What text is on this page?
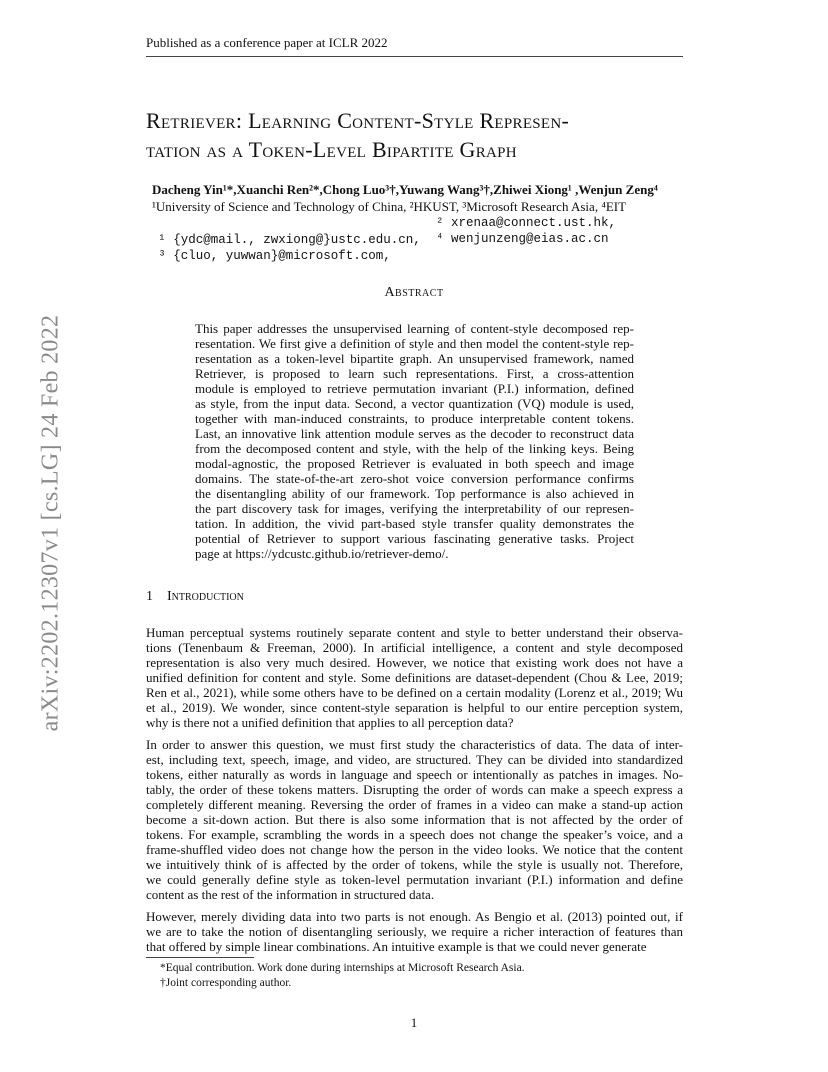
Published as a conference paper at ICLR 2022
arXiv:2202.12307v1 [cs.LG] 24 Feb 2022
Retriever: Learning Content-Style Represen-
tation as a Token-Level Bipartite Graph
Dacheng Yin¹*,Xuanchi Ren²*,Chong Luo³†,Yuwang Wang³†,Zhiwei Xiong¹ ,Wenjun Zeng⁴
¹University of Science and Technology of China, ²HKUST, ³Microsoft Research Asia, ⁴EIT

¹ {ydc@mail., zwxiong@}ustc.edu.cn,

² xrenaa@connect.ust.hk,

³ {cluo, yuwwan}@microsoft.com,

⁴ wenjunzeng@eias.ac.cn

Abstract
This paper addresses the unsupervised learning of content-style decomposed rep-
resentation. We first give a definition of style and then model the content-style rep-
resentation as a token-level bipartite graph. An unsupervised framework, named
Retriever, is proposed to learn such representations. First, a cross-attention
module is employed to retrieve permutation invariant (P.I.) information, defined
as style, from the input data. Second, a vector quantization (VQ) module is used,
together with man-induced constraints, to produce interpretable content tokens.
Last, an innovative link attention module serves as the decoder to reconstruct data
from the decomposed content and style, with the help of the linking keys. Being
modal-agnostic, the proposed Retriever is evaluated in both speech and image
domains. The state-of-the-art zero-shot voice conversion performance confirms
the disentangling ability of our framework. Top performance is also achieved in
the part discovery task for images, verifying the interpretability of our represen-
tation. In addition, the vivid part-based style transfer quality demonstrates the
potential of Retriever to support various fascinating generative tasks. Project
page at https://ydcustc.github.io/retriever-demo/.
1 Introduction

Human perceptual systems routinely separate content and style to better understand their observa-
tions (Tenenbaum & Freeman, 2000). In artificial intelligence, a content and style decomposed
representation is also very much desired. However, we notice that existing work does not have a
unified definition for content and style. Some definitions are dataset-dependent (Chou & Lee, 2019;
Ren et al., 2021), while some others have to be defined on a certain modality (Lorenz et al., 2019; Wu
et al., 2019). We wonder, since content-style separation is helpful to our entire perception system,
why is there not a unified definition that applies to all perception data?

In order to answer this question, we must first study the characteristics of data. The data of inter-
est, including text, speech, image, and video, are structured. They can be divided into standardized
tokens, either naturally as words in language and speech or intentionally as patches in images. No-
tably, the order of these tokens matters. Disrupting the order of words can make a speech express a
completely different meaning. Reversing the order of frames in a video can make a stand-up action
become a sit-down action. But there is also some information that is not affected by the order of
tokens. For example, scrambling the words in a speech does not change the speaker’s voice, and a
frame-shuffled video does not change how the person in the video looks. We notice that the content
we intuitively think of is affected by the order of tokens, while the style is usually not. Therefore,
we could generally define style as token-level permutation invariant (P.I.) information and define
content as the rest of the information in structured data.

However, merely dividing data into two parts is not enough. As Bengio et al. (2013) pointed out, if
we are to take the notion of disentangling seriously, we require a richer interaction of features than
that offered by simple linear combinations. An intuitive example is that we could never generate

*Equal contribution. Work done during internships at Microsoft Research Asia.
†Joint corresponding author.
1
